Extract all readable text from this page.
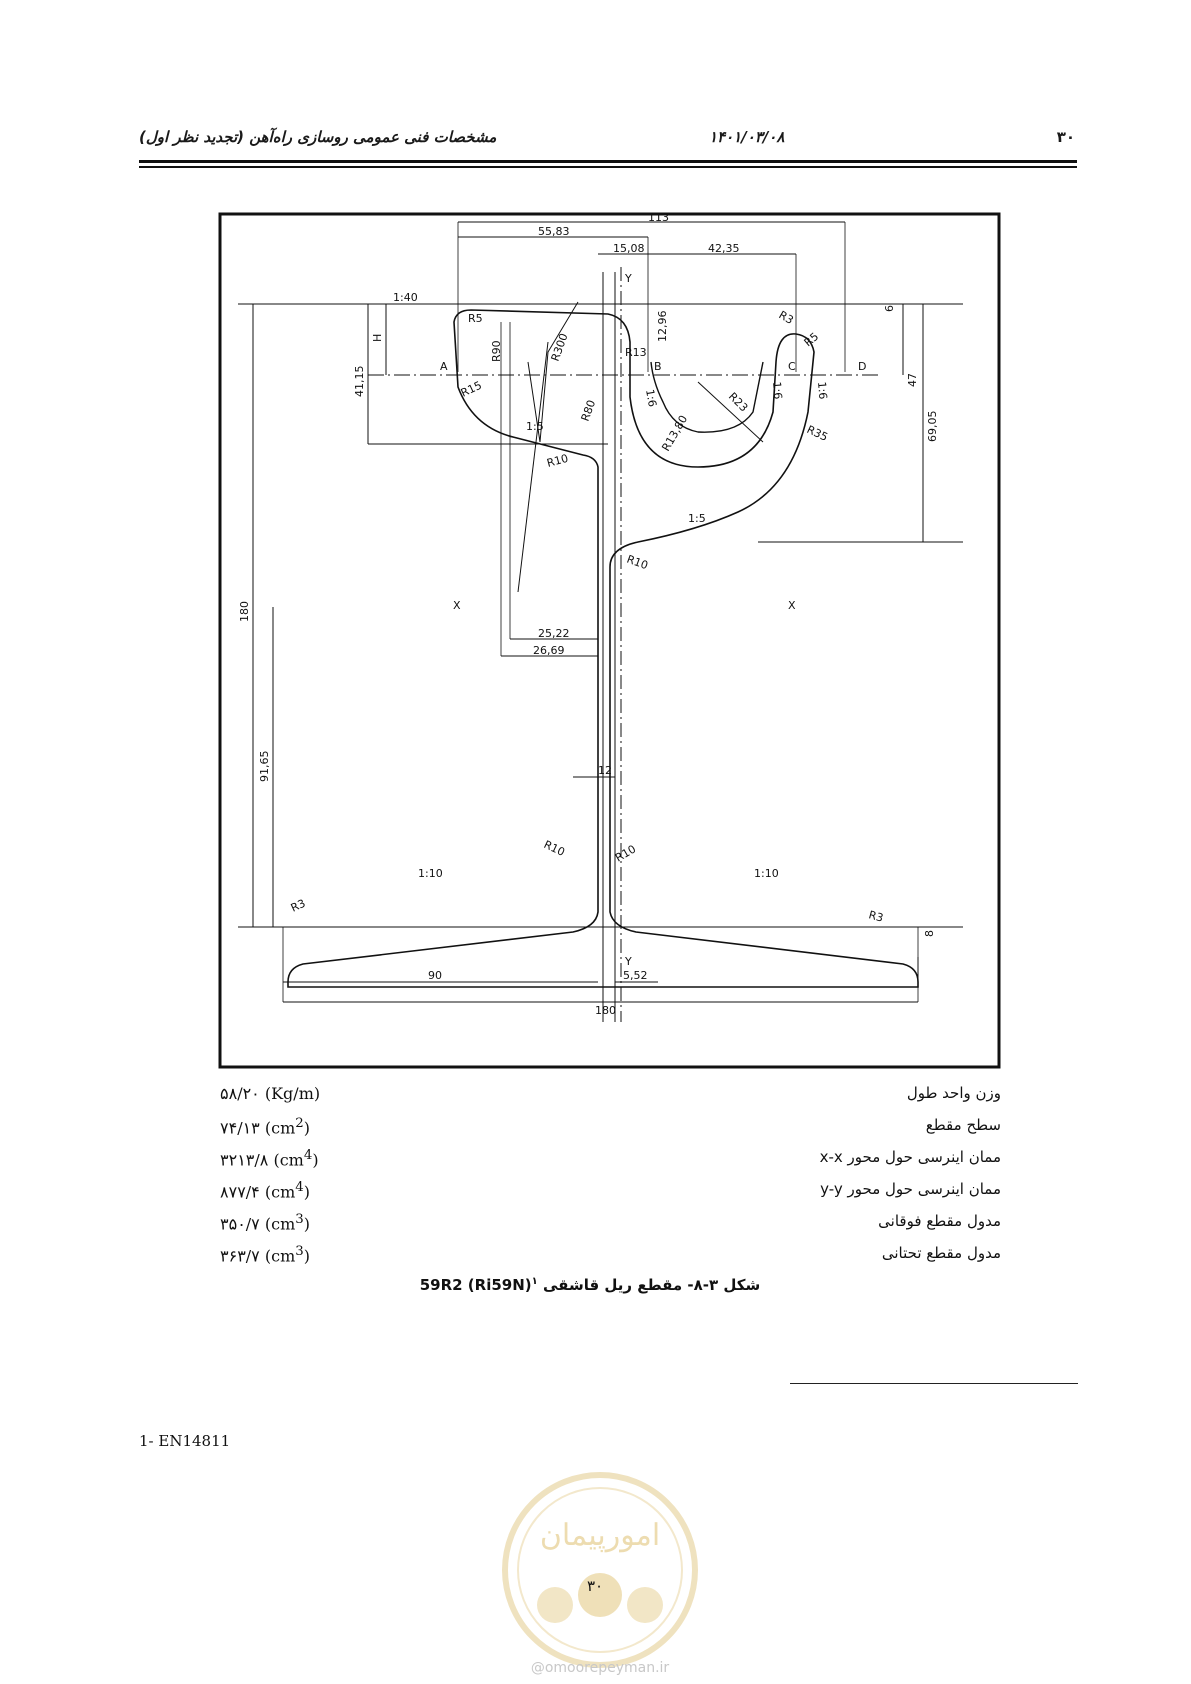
۳۰
۱۴۰۱/۰۳/۰۸
مشخصات فنی عمومی روسازی راه‌آهن (تجدید نظر اول)
113
55,83
15,08	42,35
1:40
R5
H
R90	R300	R13
12,96	R3
R5
6
A	B	C	D
41,15	R15
R80
1:6	R23 1:6	1:6
47
69,05
1:5
R10
R13,80	R35
1:5
R10
180	X	X
Y
Y
25,22
26,69
91,65	12
R10	R10
1:10	1:10
R3
R3
8
90	5,52
180
۵۸/۲۰ (Kg/m)	وزن واحد طول
۷۴/۱۳ $(cm^2)$	سطح مقطع
۳۲۱۳/۸ $(cm^4)$	ممان اینرسی حول محور x-x
۸۷۷/۴ $(cm^4)$	ممان اینرسی حول محور y-y
۳۵۰/۷ $(cm^3)$	مدول مقطع فوقانی
۳۶۳/۷ $(cm^3)$	مدول مقطع تحتانی
شکل ۳-۸- مقطع ریل قاشقی 59R2 $(Ri59N)^۱$
1- EN14811
امورپیمان
۳۰
@omoorepeyman.ir
